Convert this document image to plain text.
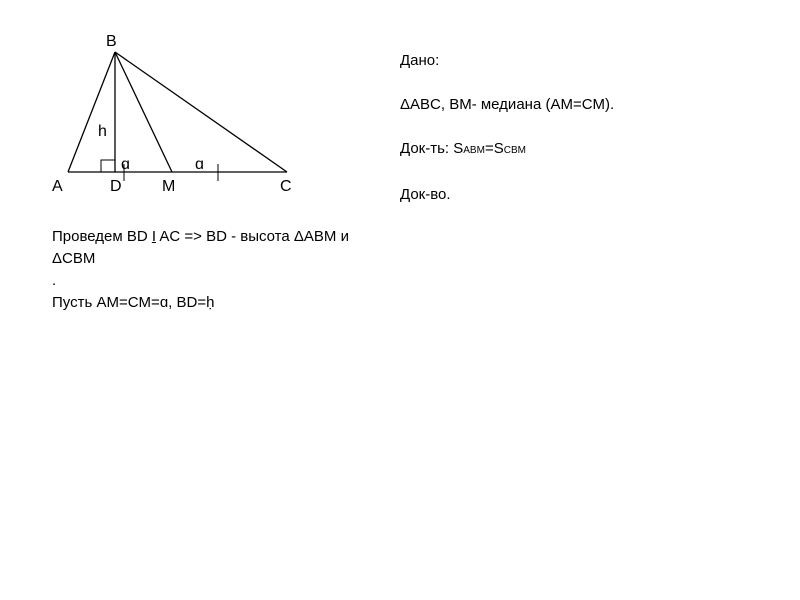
B
A	D	M	C
h
ɑ	ɑ

Дано:

ΔABC, BM- медиана (AM=CM).

Док-ть: SABM=SCBM

Док-во.

Проведем BD I AC => BD - высота ΔABM и
ΔCBM
.
Пусть AM=CM=ɑ, BD=ḥ
